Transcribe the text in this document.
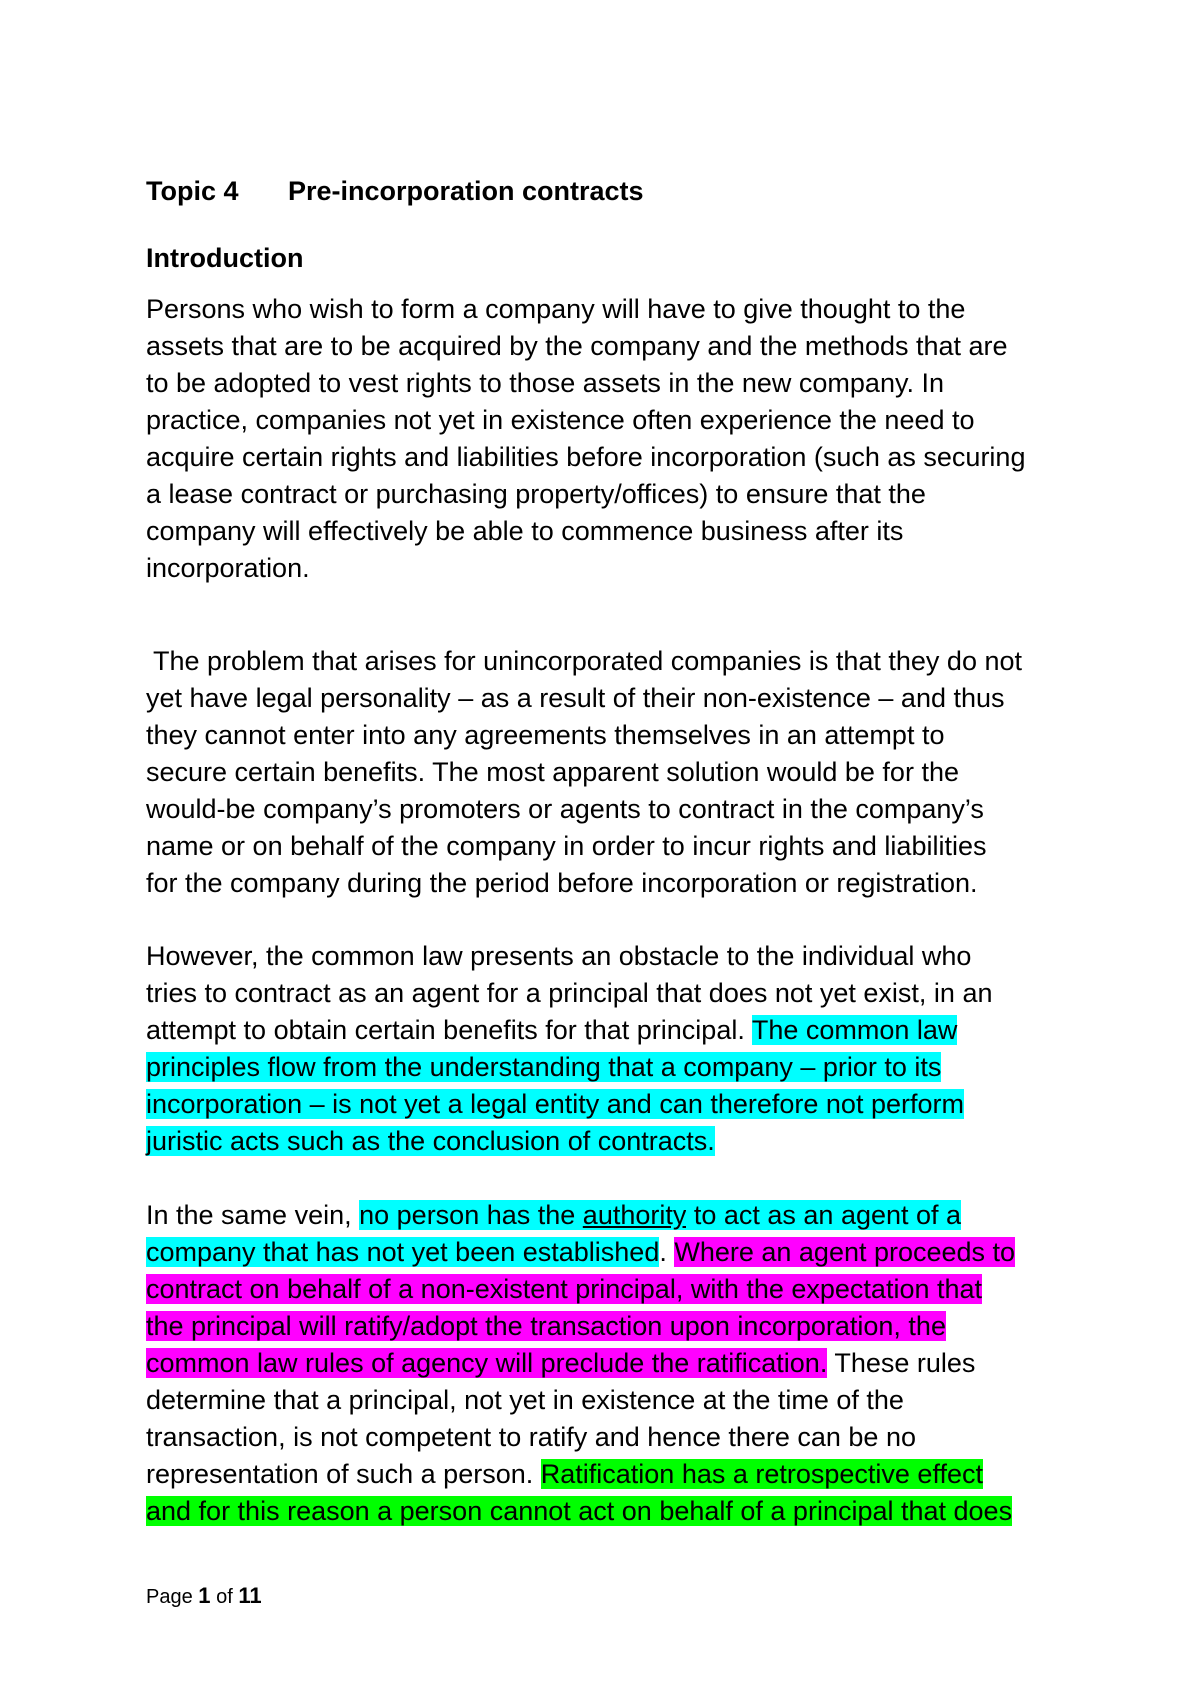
Topic 4 Pre-incorporation contracts
Introduction
Persons who wish to form a company will have to give thought to the
assets that are to be acquired by the company and the methods that are
to be adopted to vest rights to those assets in the new company. In
practice, companies not yet in existence often experience the need to
acquire certain rights and liabilities before incorporation (such as securing
a lease contract or purchasing property/offices) to ensure that the
company will effectively be able to commence business after its
incorporation.
The problem that arises for unincorporated companies is that they do not
yet have legal personality – as a result of their non-existence – and thus
they cannot enter into any agreements themselves in an attempt to
secure certain benefits. The most apparent solution would be for the
would-be company’s promoters or agents to contract in the company’s
name or on behalf of the company in order to incur rights and liabilities
for the company during the period before incorporation or registration.
However, the common law presents an obstacle to the individual who
tries to contract as an agent for a principal that does not yet exist, in an
attempt to obtain certain benefits for that principal. The common law
principles flow from the understanding that a company – prior to its
incorporation – is not yet a legal entity and can therefore not perform
juristic acts such as the conclusion of contracts.
In the same vein, no person has the authority to act as an agent of a
company that has not yet been established. Where an agent proceeds to
contract on behalf of a non-existent principal, with the expectation that
the principal will ratify/adopt the transaction upon incorporation, the
common law rules of agency will preclude the ratification. These rules
determine that a principal, not yet in existence at the time of the
transaction, is not competent to ratify and hence there can be no
representation of such a person. Ratification has a retrospective effect
and for this reason a person cannot act on behalf of a principal that does
Page 1 of 11
